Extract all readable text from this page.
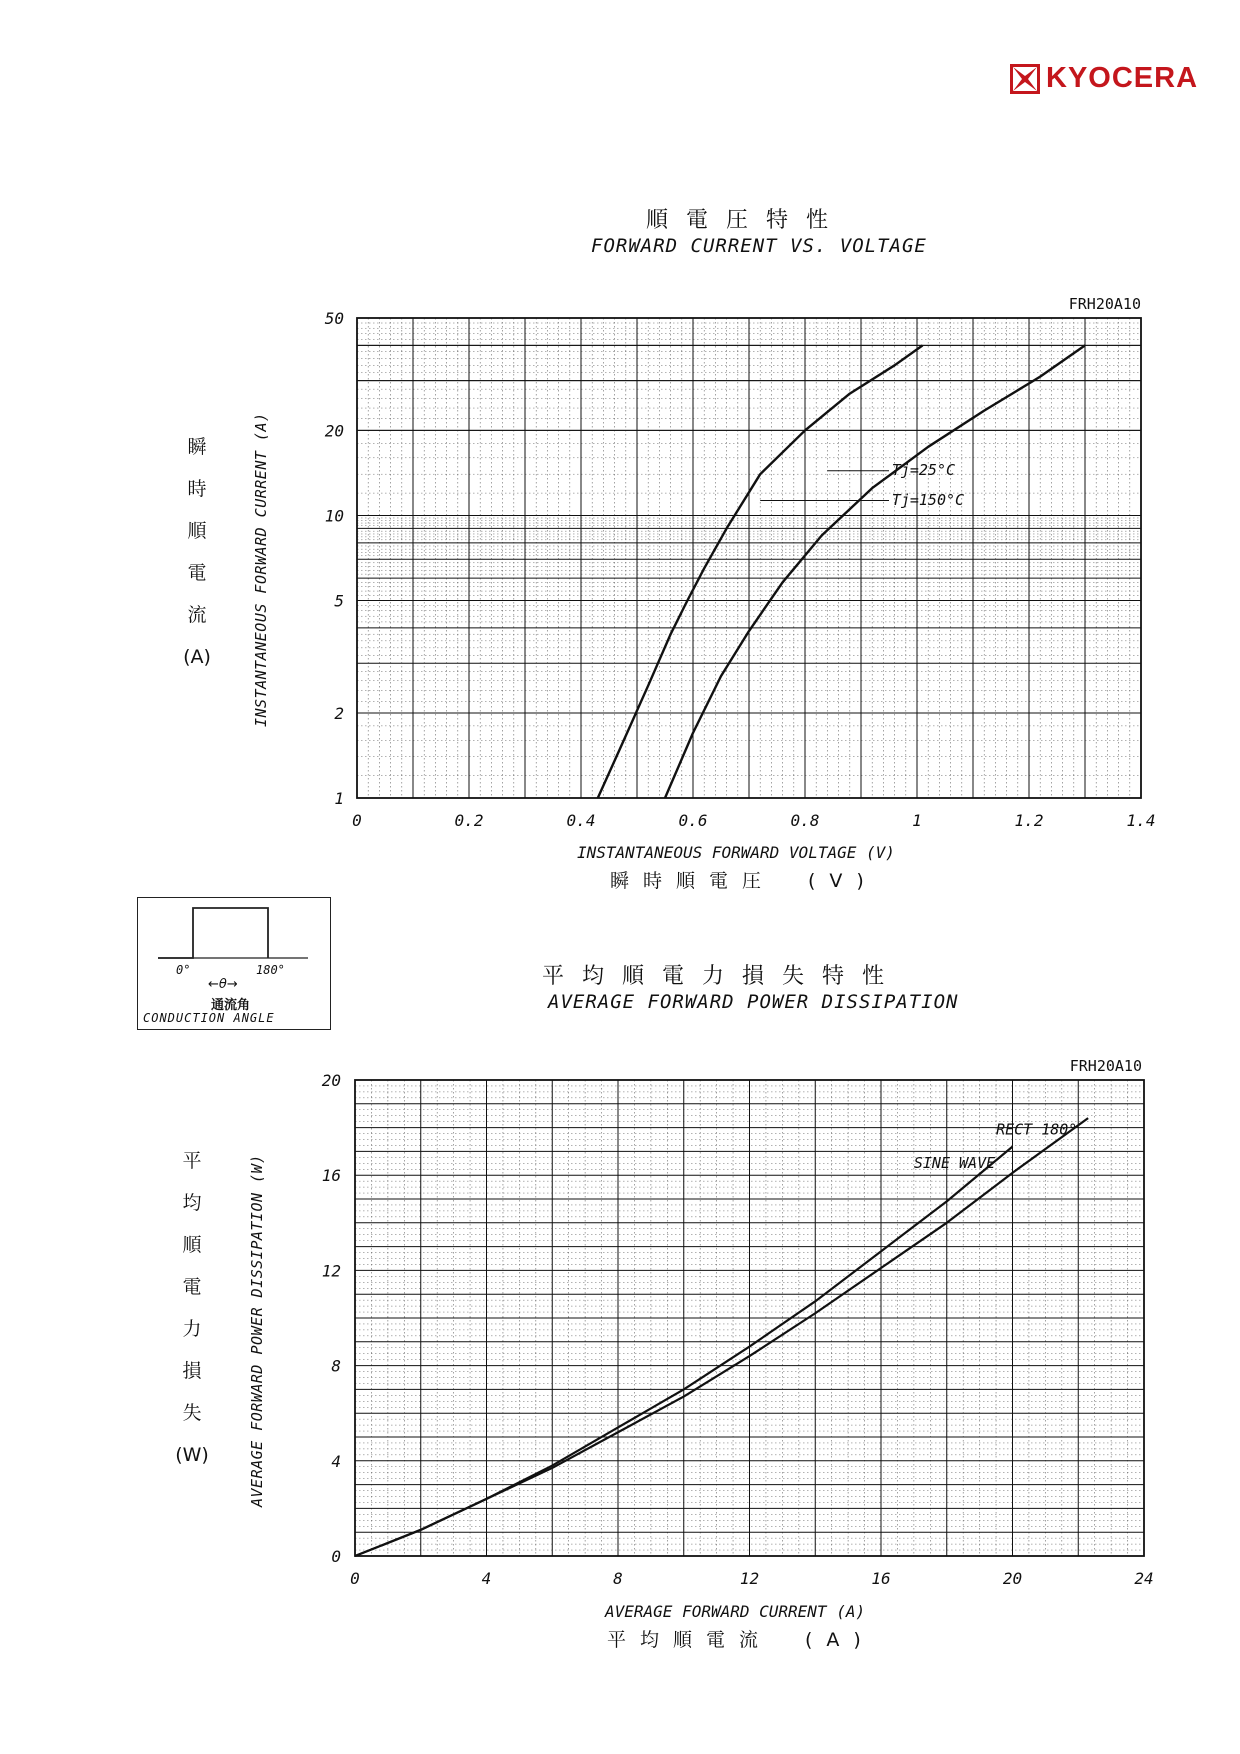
KYOCERA
順電圧特性
FORWARD CURRENT VS. VOLTAGE
瞬
時
順
電
流
(A)	INSTANTANEOUS FORWARD CURRENT (A)
INSTANTANEOUS FORWARD VOLTAGE (V)
瞬時順電圧　(V)
平均順電力損失特性
AVERAGE FORWARD POWER DISSIPATION
平
均
順
電
力
損
失
(W)	AVERAGE FORWARD POWER DISSIPATION (W)
AVERAGE FORWARD CURRENT (A)
平均順電流　(A)
0°	180°
←θ→
通流角
CONDUCTION ANGLE
0	0.2	0.4	0.6	0.8	1	1.2	1.4
1
2
5
10
20
50
FRH20A10
Tj=25°C
Tj=150°C
0	4	8	12	16	20	24
0
4
8
12
16
20
FRH20A10
SINE WAVE
RECT 180°
